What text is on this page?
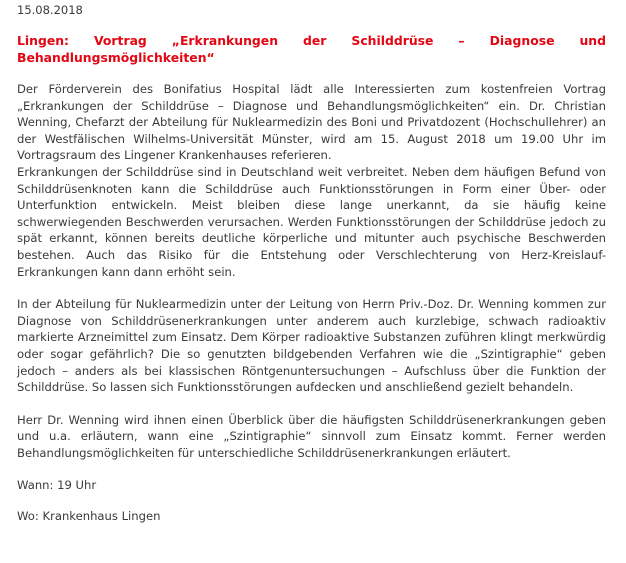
15.08.2018
Lingen: Vortrag „Erkrankungen der Schilddrüse – Diagnose und Behandlungsmöglichkeiten“

Der Förderverein des Bonifatius Hospital lädt alle Interessierten zum kostenfreien Vortrag „Erkrankungen der Schilddrüse – Diagnose und Behandlungsmöglichkeiten“ ein. Dr. Christian Wenning, Chefarzt der Abteilung für Nuklearmedizin des Boni und Privatdozent (Hochschullehrer) an der Westfälischen Wilhelms-Universität Münster, wird am 15. August 2018 um 19.00 Uhr im Vortragsraum des Lingener Krankenhauses referieren.

Erkrankungen der Schilddrüse sind in Deutschland weit verbreitet. Neben dem häufigen Befund von Schilddrüsenknoten kann die Schilddrüse auch Funktionsstörungen in Form einer Über- oder Unterfunktion entwickeln. Meist bleiben diese lange unerkannt, da sie häufig keine schwerwiegenden Beschwerden verursachen. Werden Funktionsstörungen der Schilddrüse jedoch zu spät erkannt, können bereits deutliche körperliche und mitunter auch psychische Beschwerden bestehen. Auch das Risiko für die Entstehung oder Verschlechterung von Herz-Kreislauf-Erkrankungen kann dann erhöht sein.

In der Abteilung für Nuklearmedizin unter der Leitung von Herrn Priv.-Doz. Dr. Wenning kommen zur Diagnose von Schilddrüsenerkrankungen unter anderem auch kurzlebige, schwach radioaktiv markierte Arzneimittel zum Einsatz. Dem Körper radioaktive Substanzen zuführen klingt merkwürdig oder sogar gefährlich? Die so genutzten bildgebenden Verfahren wie die „Szintigraphie“ geben jedoch – anders als bei klassischen Röntgenuntersuchungen – Aufschluss über die Funktion der Schilddrüse. So lassen sich Funktionsstörungen aufdecken und anschließend gezielt behandeln.

Herr Dr. Wenning wird ihnen einen Überblick über die häufigsten Schilddrüsenerkrankungen geben und u.a. erläutern, wann eine „Szintigraphie“ sinnvoll zum Einsatz kommt. Ferner werden Behandlungsmöglichkeiten für unterschiedliche Schilddrüsenerkrankungen erläutert.

Wann: 19 Uhr
Wo: Krankenhaus Lingen
